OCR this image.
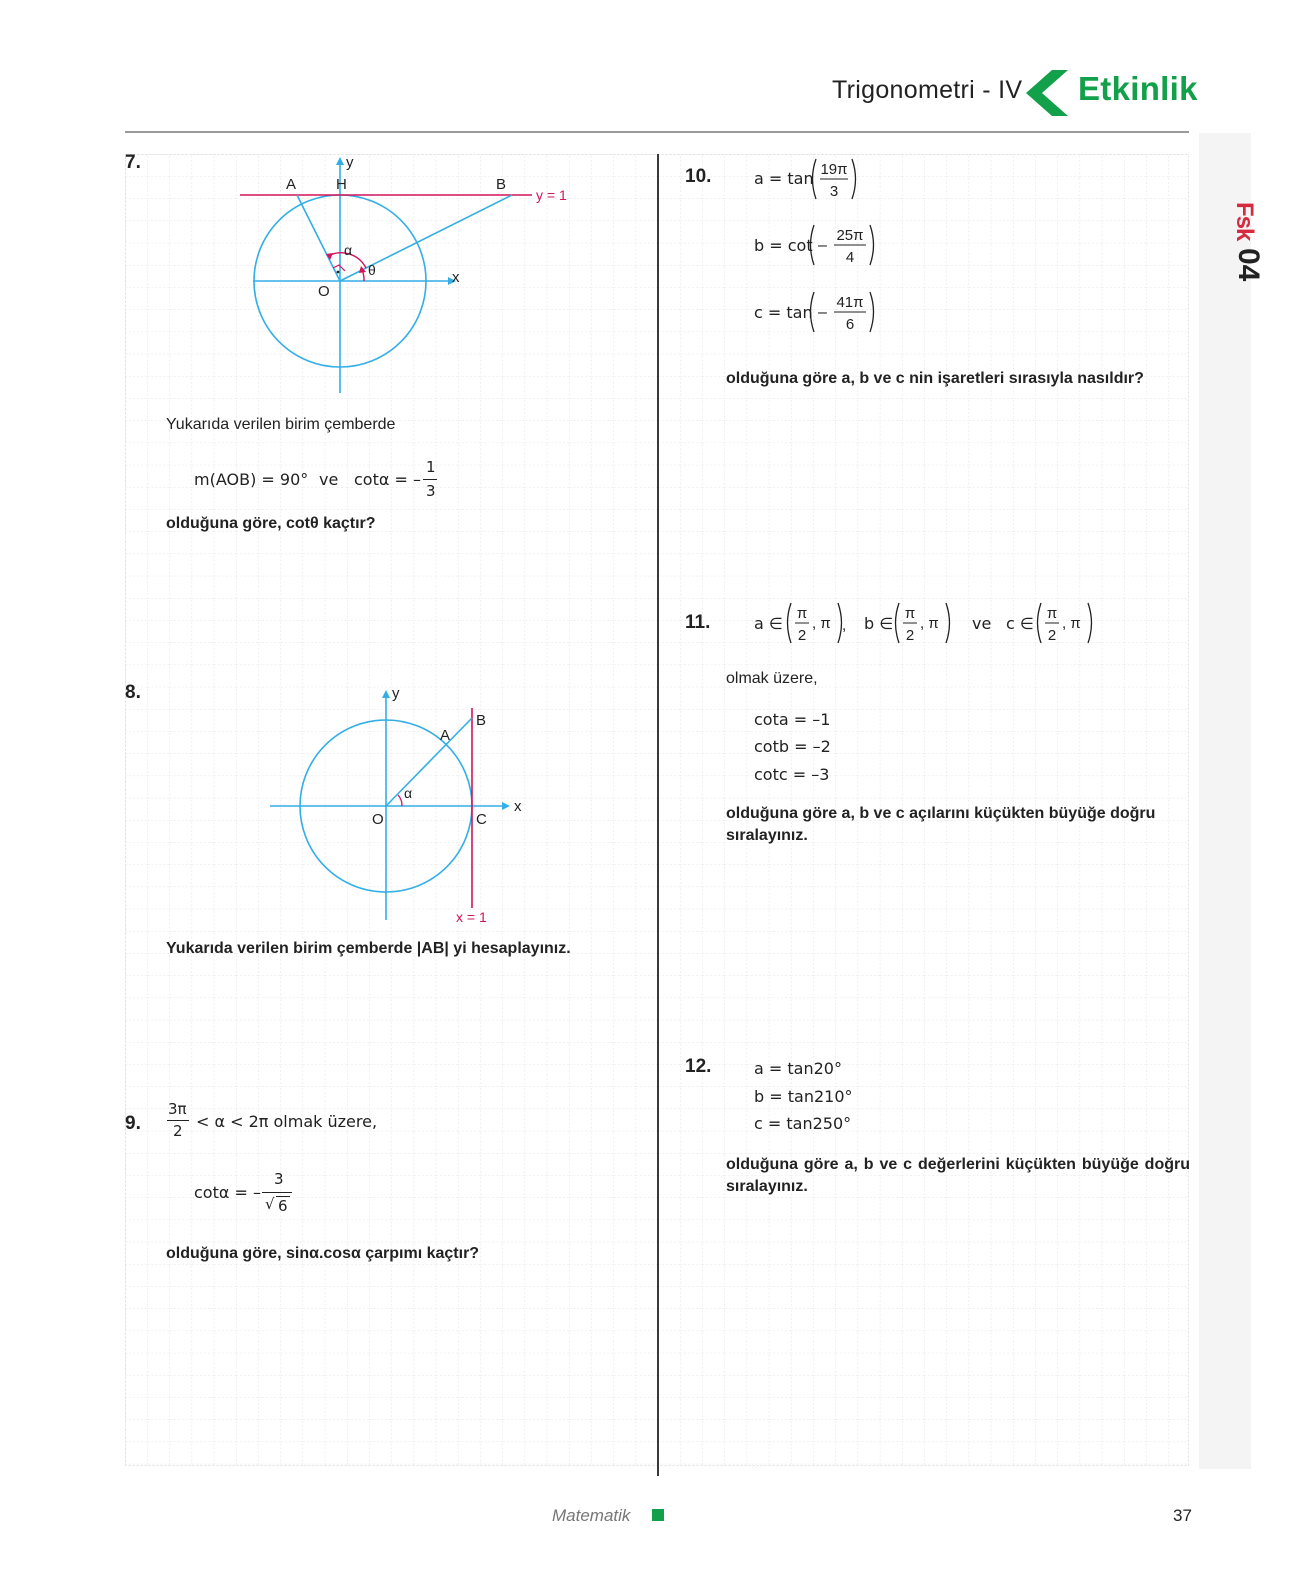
Trigonometri - IV Etkinlik
Fsk
04
7.	y
x
A	H	B
O
α
θ
y = 1
Yukarıda verilen birim çemberde
m(AOB) = 90° ve cotα = –
1
3
olduğuna göre, cotθ kaçtır?
8.	y
x
A
B
O	C
α
x = 1
Yukarıda verilen birim çemberde |AB| yi hesaplayınız.
9.
3π
2 < α < 2π olmak üzere,
cotα = –
3
√ 6
olduğuna göre, sinα.cosα çarpımı kaçtır?
10.	a = tan 19π
3
b = cot –
25π
4
c = tan –
41π
6
olduğuna göre a, b ve c nin işaretleri sırasıyla nasıldır?
11.	a ∈
π
2
, π , b ∈
π
2
, π ve c ∈
π
2
, π
olmak üzere,
cota = –1
cotb = –2
cotc = –3
olduğuna göre a, b ve c açılarını küçükten büyüğe doğru sıralayınız.
12.	a = tan20°
b = tan210°
c = tan250°
olduğuna göre a, b ve c değerlerini küçükten büyüğe doğru sıralayınız.
Matematik	37
